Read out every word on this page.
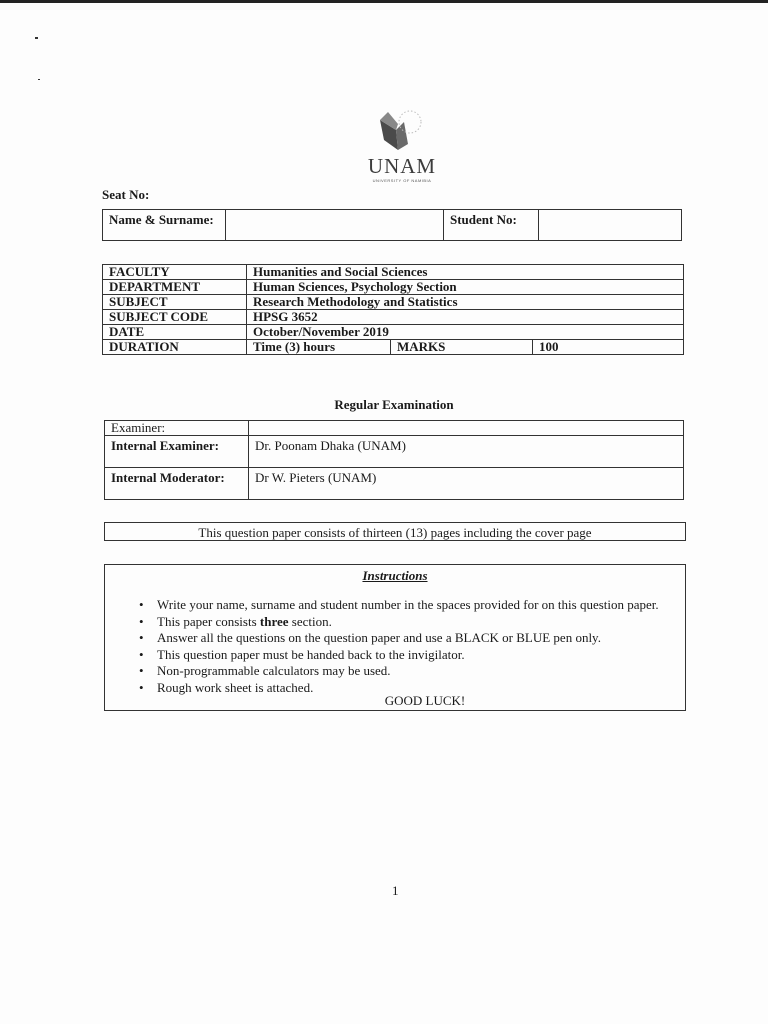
UNAM
UNIVERSITY OF NAMIBIA
Seat No:
Name & Surname:		Student No:	
FACULTY	Humanities and Social Sciences		
DEPARTMENT	Human Sciences, Psychology Section		
SUBJECT	Research Methodology and Statistics		
SUBJECT CODE	HPSG 3652		
DATE	October/November 2019		
DURATION	Time (3) hours	MARKS	100
Regular Examination
Examiner:	
Internal Examiner:	Dr. Poonam Dhaka (UNAM)
Internal Moderator:	Dr W. Pieters (UNAM)
This question paper consists of thirteen (13) pages including the cover page
Instructions
• Write your name, surname and student number in the spaces provided for on this question paper.
• This paper consists three section.
• Answer all the questions on the question paper and use a BLACK or BLUE pen only.
• This question paper must be handed back to the invigilator.
• Non-programmable calculators may be used.
• Rough work sheet is attached.
GOOD LUCK!
1
